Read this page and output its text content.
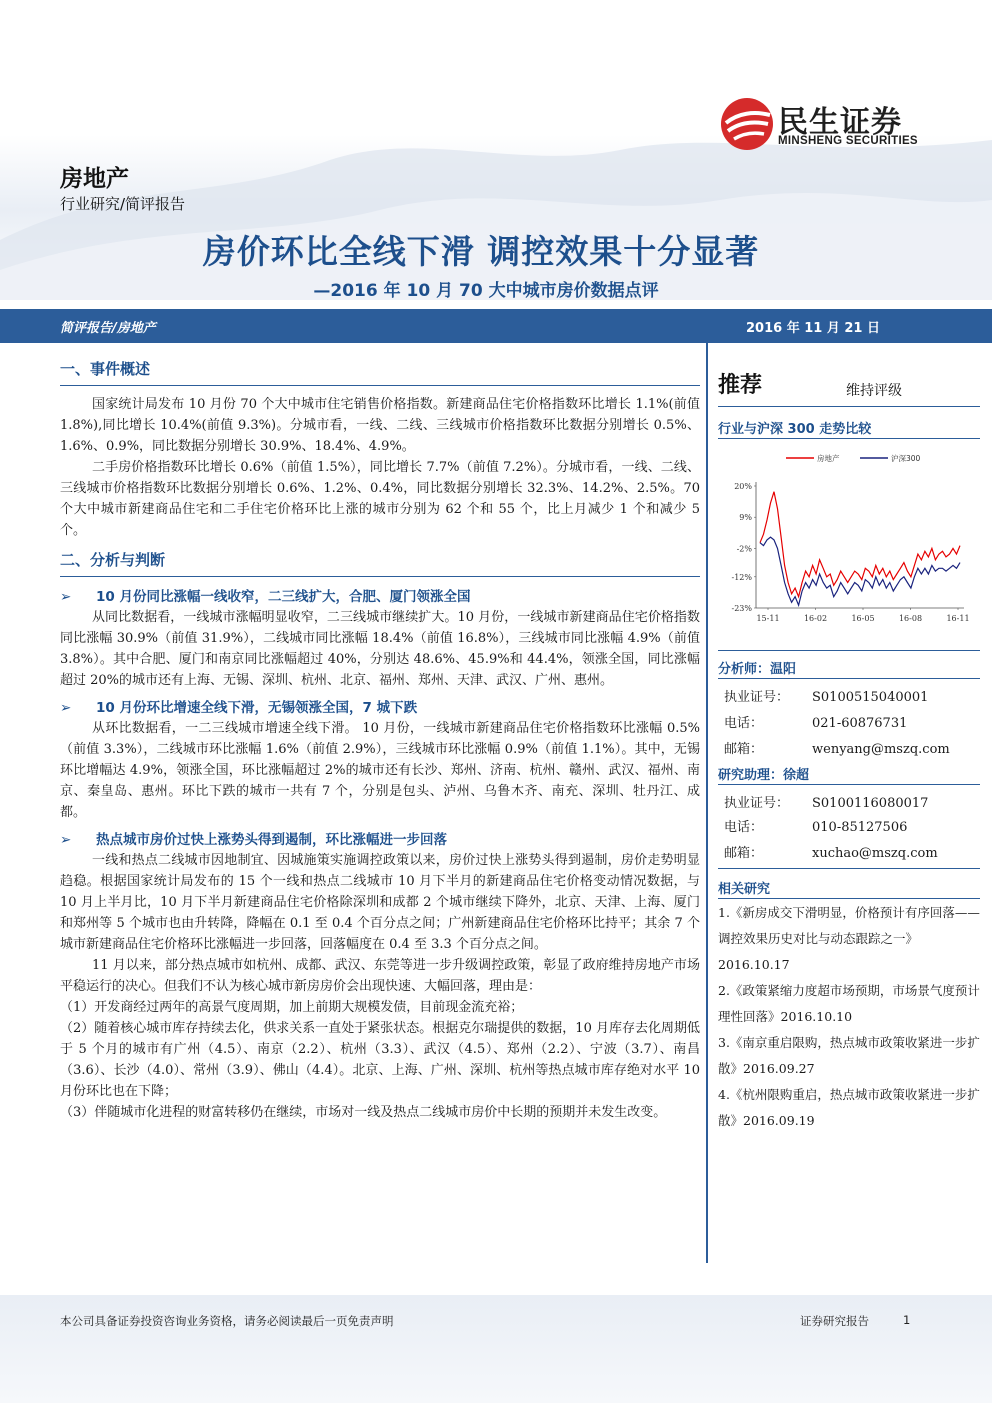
民生证券
MINSHENG SECURITIES
房地产
行业研究/简评报告
房价环比全线下滑 调控效果十分显著
—2016 年 10 月 70 大中城市房价数据点评
简评报告/房地产	2016 年 11 月 21 日
一、事件概述

国家统计局发布 10 月份 70 个大中城市住宅销售价格指数。新建商品住宅价格指数环比增长 1.1%(前值 1.8%),同比增长 10.4%(前值 9.3%)。分城市看，一线、二线、三线城市价格指数环比数据分别增长 0.5%、1.6%、0.9%，同比数据分别增长 30.9%、18.4%、4.9%。

二手房价格指数环比增长 0.6%（前值 1.5%），同比增长 7.7%（前值 7.2%）。分城市看，一线、二线、三线城市价格指数环比数据分别增长 0.6%、1.2%、0.4%，同比数据分别增长 32.3%、14.2%、2.5%。70 个大中城市新建商品住宅和二手住宅价格环比上涨的城市分别为 62 个和 55 个，比上月减少 1 个和减少 5 个。

二、分析与判断
➢ 10 月份同比涨幅一线收窄，二三线扩大，合肥、厦门领涨全国

从同比数据看，一线城市涨幅明显收窄，二三线城市继续扩大。10 月份，一线城市新建商品住宅价格指数同比涨幅 30.9%（前值 31.9%），二线城市同比涨幅 18.4%（前值 16.8%），三线城市同比涨幅 4.9%（前值 3.8%）。其中合肥、厦门和南京同比涨幅超过 40%，分别达 48.6%、45.9%和 44.4%，领涨全国，同比涨幅超过 20%的城市还有上海、无锡、深圳、杭州、北京、福州、郑州、天津、武汉、广州、惠州。

➢ 10 月份环比增速全线下滑，无锡领涨全国，7 城下跌

从环比数据看，一二三线城市增速全线下滑。 10 月份，一线城市新建商品住宅价格指数环比涨幅 0.5%（前值 3.3%），二线城市环比涨幅 1.6%（前值 2.9%），三线城市环比涨幅 0.9%（前值 1.1%）。其中，无锡环比增幅达 4.9%，领涨全国，环比涨幅超过 2%的城市还有长沙、郑州、济南、杭州、赣州、武汉、福州、南京、秦皇岛、惠州。环比下跌的城市一共有 7 个，分别是包头、泸州、乌鲁木齐、南充、深圳、牡丹江、成都。

➢ 热点城市房价过快上涨势头得到遏制，环比涨幅进一步回落

一线和热点二线城市因地制宜、因城施策实施调控政策以来，房价过快上涨势头得到遏制，房价走势明显趋稳。根据国家统计局发布的 15 个一线和热点二线城市 10 月下半月的新建商品住宅价格变动情况数据，与 10 月上半月比，10 月下半月新建商品住宅价格除深圳和成都 2 个城市继续下降外，北京、天津、上海、厦门和郑州等 5 个城市也由升转降，降幅在 0.1 至 0.4 个百分点之间；广州新建商品住宅价格环比持平；其余 7 个城市新建商品住宅价格环比涨幅进一步回落，回落幅度在 0.4 至 3.3 个百分点之间。

11 月以来，部分热点城市如杭州、成都、武汉、东莞等进一步升级调控政策，彰显了政府维持房地产市场平稳运行的决心。但我们不认为核心城市新房房价会出现快速、大幅回落，理由是：

（1）开发商经过两年的高景气度周期，加上前期大规模发债，目前现金流充裕；

（2）随着核心城市库存持续去化，供求关系一直处于紧张状态。根据克尔瑞提供的数据，10 月库存去化周期低于 5 个月的城市有广州（4.5）、南京（2.2）、杭州（3.3）、武汉（4.5）、郑州（2.2）、宁波（3.7）、南昌（3.6）、长沙（4.0）、常州（3.9）、佛山（4.4）。北京、上海、广州、深圳、杭州等热点城市库存绝对水平 10 月份环比也在下降；

（3）伴随城市化进程的财富转移仍在继续，市场对一线及热点二线城市房价中长期的预期并未发生改变。

推荐	维持评级
行业与沪深 300 走势比较
20%
9%
-2%
-12%
-23%
15-11	16-02	16-05	16-08	16-11
房地产	沪深300
分析师：温阳
执业证号： S0100515040001
电话：	021-60876731
邮箱：	wenyang@mszq.com
研究助理：徐超
执业证号： S0100116080017
电话：	010-85127506
邮箱：	xuchao@mszq.com
相关研究
1.《新房成交下滑明显，价格预计有序回落——调控效果历史对比与动态跟踪之一》2016.10.17
2.《政策紧缩力度超市场预期，市场景气度预计理性回落》2016.10.10
3.《南京重启限购，热点城市政策收紧进一步扩散》2016.09.27
4.《杭州限购重启，热点城市政策收紧进一步扩散》2016.09.19
本公司具备证券投资咨询业务资格，请务必阅读最后一页免责声明	证券研究报告	1
